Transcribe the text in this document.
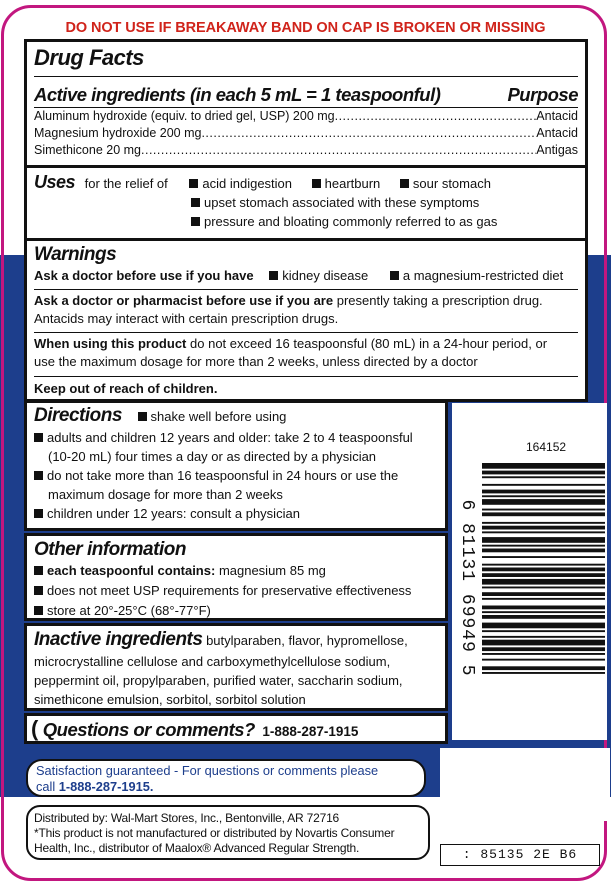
DO NOT USE IF BREAKAWAY BAND ON CAP IS BROKEN OR MISSING
Drug Facts
Active ingredients (in each 5 mL = 1 teaspoonful)	Purpose
Aluminum hydroxide (equiv. to dried gel, USP) 200 mg .....	Antacid
Magnesium hydroxide 200 mg .....	Antacid
Simethicone 20 mg .....	Antigas
Uses for the relief of	acid indigestion	heartburn	sour stomach
upset stomach associated with these symptoms
pressure and bloating commonly referred to as gas
Warnings
Ask a doctor before use if you have kidney disease	a magnesium-restricted diet
Ask a doctor or pharmacist before use if you are presently taking a prescription drug.
Antacids may interact with certain prescription drugs.
When using this product do not exceed 16 teaspoonsful (80 mL) in a 24-hour period, or
use the maximum dosage for more than 2 weeks, unless directed by a doctor
Keep out of reach of children.
Directions shake well before using
adults and children 12 years and older: take 2 to 4 teaspoonsful
(10-20 mL) four times a day or as directed by a physician
do not take more than 16 teaspoonsful in 24 hours or use the
maximum dosage for more than 2 weeks
children under 12 years: consult a physician
Other information
each teaspoonful contains: magnesium 85 mg
does not meet USP requirements for preservative effectiveness
store at 20°-25°C (68°-77°F)
Inactive ingredients butylparaben, flavor, hypromellose,
microcrystalline cellulose and carboxymethylcellulose sodium,
peppermint oil, propylparaben, purified water, saccharin sodium,
simethicone emulsion, sorbitol, sorbitol solution
( Questions or comments? 1-888-287-1915
164152
6 81131 69949 5
: 85135 2E B6
Satisfaction guaranteed - For questions or comments please
call 1-888-287-1915.
Distributed by: Wal-Mart Stores, Inc., Bentonville, AR 72716
*This product is not manufactured or distributed by Novartis Consumer
Health, Inc., distributor of Maalox® Advanced Regular Strength.
